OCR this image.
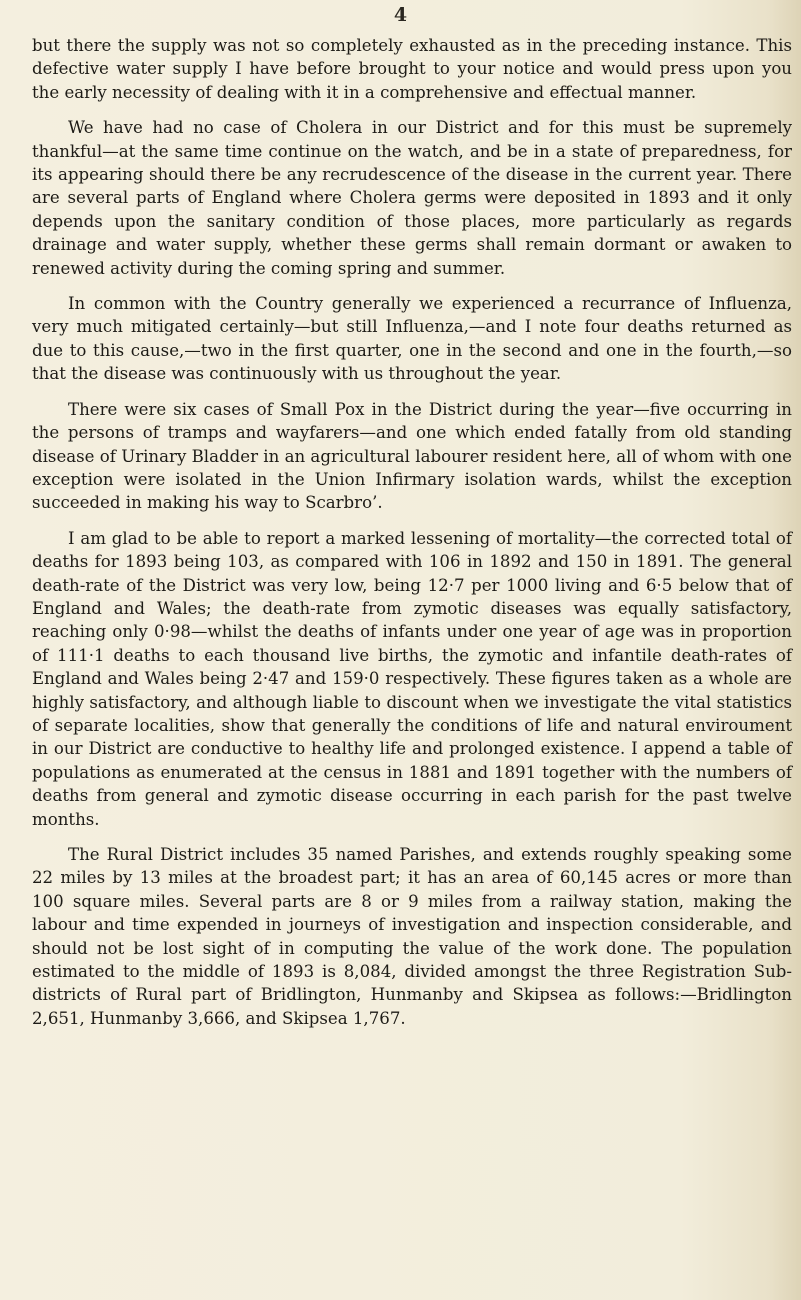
4

but there the supply was not so completely exhausted as in the preceding instance. This defective water supply I have before brought to your notice and would press upon you the early necessity of dealing with it in a comprehensive and effectual manner.

We have had no case of Cholera in our District and for this must be supremely thankful—at the same time continue on the watch, and be in a state of preparedness, for its appearing should there be any recrudescence of the disease in the current year. There are several parts of England where Cholera germs were deposited in 1893 and it only depends upon the sanitary condition of those places, more particularly as regards drainage and water supply, whether these germs shall remain dormant or awaken to renewed activity during the coming spring and summer.

In common with the Country generally we experienced a recurrance of Influenza, very much mitigated certainly—but still Influenza,—and I note four deaths returned as due to this cause,—two in the first quarter, one in the second and one in the fourth,—so that the disease was continuously with us throughout the year.

There were six cases of Small Pox in the District during the year—five occurring in the persons of tramps and wayfarers—and one which ended fatally from old standing disease of Urinary Bladder in an agricultural labourer resident here, all of whom with one exception were isolated in the Union Infirmary isolation wards, whilst the exception succeeded in making his way to Scarbro’.

I am glad to be able to report a marked lessening of mortality—the corrected total of deaths for 1893 being 103, as compared with 106 in 1892 and 150 in 1891. The general death-rate of the District was very low, being 12·7 per 1000 living and 6·5 below that of England and Wales; the death-rate from zymotic diseases was equally satisfactory, reaching only 0·98—whilst the deaths of infants under one year of age was in proportion of 111·1 deaths to each thousand live births, the zymotic and infantile death-rates of England and Wales being 2·47 and 159·0 respectively. These figures taken as a whole are highly satisfactory, and although liable to discount when we investigate the vital statistics of separate localities, show that generally the conditions of life and natural enviroument in our District are conductive to healthy life and prolonged existence. I append a table of populations as enumerated at the census in 1881 and 1891 together with the numbers of deaths from general and zymotic disease occurring in each parish for the past twelve months.

The Rural District includes 35 named Parishes, and extends roughly speaking some 22 miles by 13 miles at the broadest part; it has an area of 60,145 acres or more than 100 square miles. Several parts are 8 or 9 miles from a railway station, making the labour and time expended in journeys of investigation and inspection considerable, and should not be lost sight of in computing the value of the work done. The population estimated to the middle of 1893 is 8,084, divided amongst the three Registration Sub-districts of Rural part of Bridlington, Hunmanby and Skipsea as follows:—Bridlington 2,651, Hunmanby 3,666, and Skipsea 1,767.
